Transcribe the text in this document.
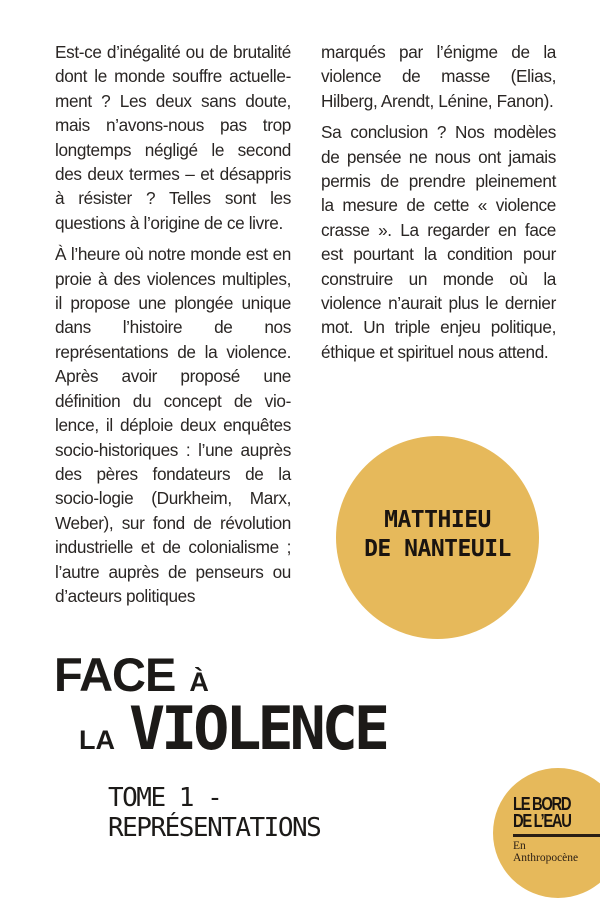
Est-ce d’inégalité ou de brutalité dont le monde souffre actuelle-ment ? Les deux sans doute, mais n’avons-nous pas trop longtemps négligé le second des deux termes – et désappris à résister ? Telles sont les questions à l’origine de ce livre.

À l’heure où notre monde est en proie à des violences multiples, il propose une plongée unique dans l’histoire de nos représentations de la violence. Après avoir proposé une définition du concept de vio-lence, il déploie deux enquêtes socio-historiques : l’une auprès des pères fondateurs de la socio-logie (Durkheim, Marx, Weber), sur fond de révolution industrielle et de colonialisme ; l’autre auprès de penseurs ou d’acteurs politiques

marqués par l’énigme de la violence de masse (Elias, Hilberg, Arendt, Lénine, Fanon).

Sa conclusion ? Nos modèles de pensée ne nous ont jamais permis de prendre pleinement la mesure de cette « violence crasse ». La regarder en face est pourtant la condition pour construire un monde où la violence n’aurait plus le dernier mot. Un triple enjeu politique, éthique et spirituel nous attend.

MATTHIEU
DE NANTEUIL
FACE À
LA VIOLENCE
TOME 1 -
REPRÉSENTATIONS
LE BORD
DE L’EAU
En
Anthropocène
